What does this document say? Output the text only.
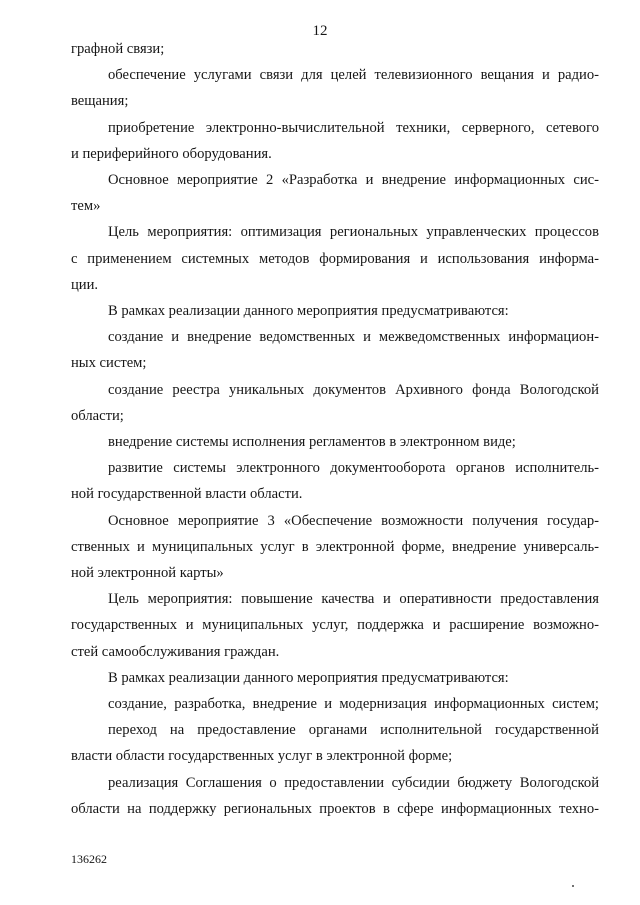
12
графной связи;
обеспечение услугами связи для целей телевизионного вещания и радио-
вещания;
приобретение электронно-вычислительной техники, серверного, сетевого
и периферийного оборудования.
Основное мероприятие 2 «Разработка и внедрение информационных сис-
тем»
Цель мероприятия: оптимизация региональных управленческих процессов
с применением системных методов формирования и использования информа-
ции.
В рамках реализации данного мероприятия предусматриваются:
создание и внедрение ведомственных и межведомственных информацион-
ных систем;
создание реестра уникальных документов Архивного фонда Вологодской
области;
внедрение системы исполнения регламентов в электронном виде;
развитие системы электронного документооборота органов исполнитель-
ной государственной власти области.
Основное мероприятие 3 «Обеспечение возможности получения государ-
ственных и муниципальных услуг в электронной форме, внедрение универсаль-
ной электронной карты»
Цель мероприятия: повышение качества и оперативности предоставления
государственных и муниципальных услуг, поддержка и расширение возможно-
стей самообслуживания граждан.
В рамках реализации данного мероприятия предусматриваются:
создание, разработка, внедрение и модернизация информационных систем;
переход на предоставление органами исполнительной государственной
власти области государственных услуг в электронной форме;
реализация Соглашения о предоставлении субсидии бюджету Вологодской
области на поддержку региональных проектов в сфере информационных техно-
136262
